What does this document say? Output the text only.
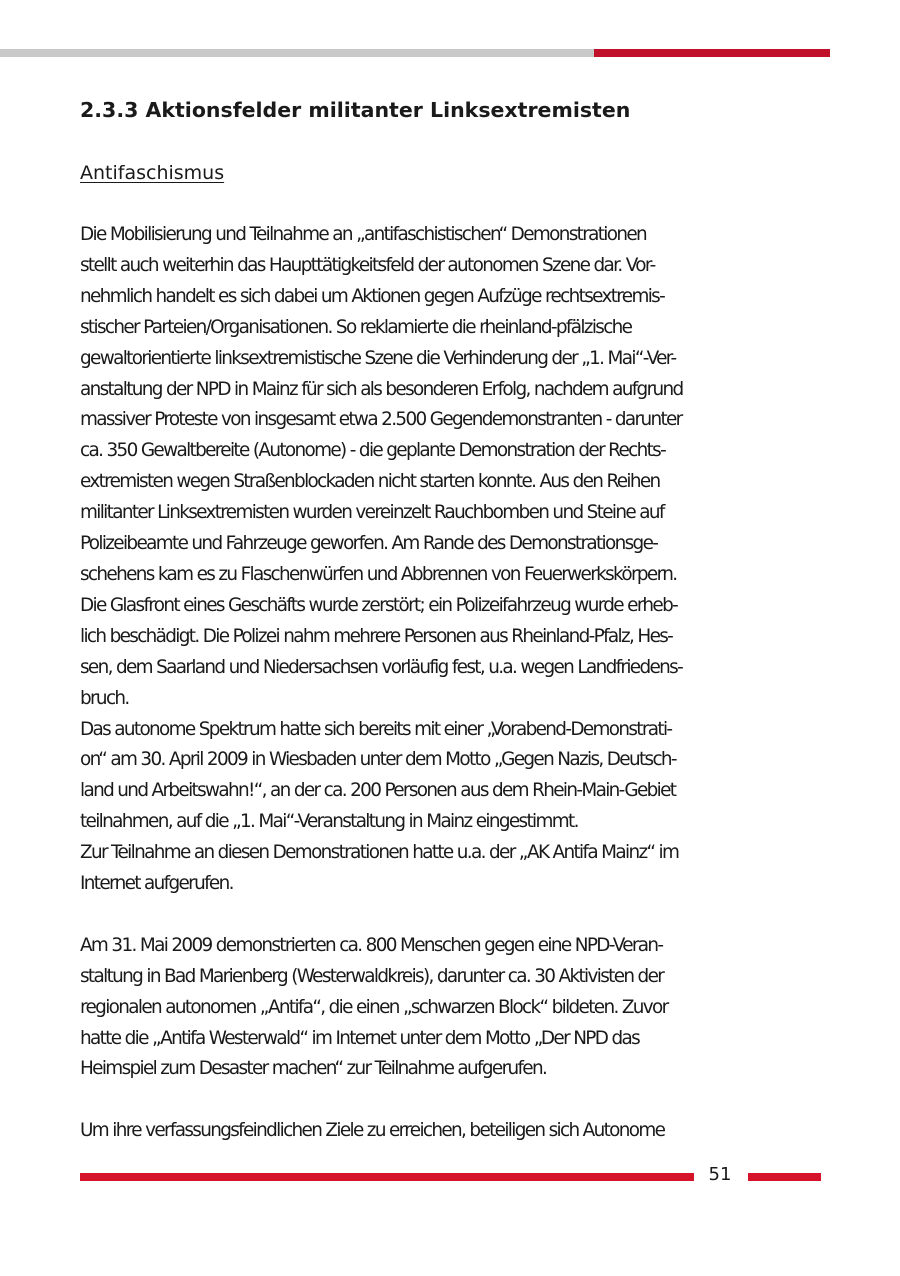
2.3.3 Aktionsfelder militanter Linksextremisten
Antifaschismus
Die Mobilisierung und Teilnahme an „antifaschistischen“ Demonstrationen
stellt auch weiterhin das Haupttätigkeitsfeld der autonomen Szene dar. Vor-
nehmlich handelt es sich dabei um Aktionen gegen Aufzüge rechtsextremis-
stischer Parteien/Organisationen. So reklamierte die rheinland-pfälzische
gewaltorientierte linksextremistische Szene die Verhinderung der „1. Mai“-Ver-
anstaltung der NPD in Mainz für sich als besonderen Erfolg, nachdem aufgrund
massiver Proteste von insgesamt etwa 2.500 Gegendemonstranten - darunter
ca. 350 Gewaltbereite (Autonome) - die geplante Demonstration der Rechts-
extremisten wegen Straßenblockaden nicht starten konnte. Aus den Reihen
militanter Linksextremisten wurden vereinzelt Rauchbomben und Steine auf
Polizeibeamte und Fahrzeuge geworfen. Am Rande des Demonstrationsge-
schehens kam es zu Flaschenwürfen und Abbrennen von Feuerwerkskörpern.
Die Glasfront eines Geschäfts wurde zerstört; ein Polizeifahrzeug wurde erheb-
lich beschädigt. Die Polizei nahm mehrere Personen aus Rheinland-Pfalz, Hes-
sen, dem Saarland und Niedersachsen vorläufig fest, u.a. wegen Landfriedens-
bruch.
Das autonome Spektrum hatte sich bereits mit einer „Vorabend-Demonstrati-
on“ am 30. April 2009 in Wiesbaden unter dem Motto „Gegen Nazis, Deutsch-
land und Arbeitswahn!“, an der ca. 200 Personen aus dem Rhein-Main-Gebiet
teilnahmen, auf die „1. Mai“-Veranstaltung in Mainz eingestimmt.
Zur Teilnahme an diesen Demonstrationen hatte u.a. der „AK Antifa Mainz“ im
Internet aufgerufen.
Am 31. Mai 2009 demonstrierten ca. 800 Menschen gegen eine NPD-Veran-
staltung in Bad Marienberg (Westerwaldkreis), darunter ca. 30 Aktivisten der
regionalen autonomen „Antifa“, die einen „schwarzen Block“ bildeten. Zuvor
hatte die „Antifa Westerwald“ im Internet unter dem Motto „Der NPD das
Heimspiel zum Desaster machen“ zur Teilnahme aufgerufen.
Um ihre verfassungsfeindlichen Ziele zu erreichen, beteiligen sich Autonome
51
